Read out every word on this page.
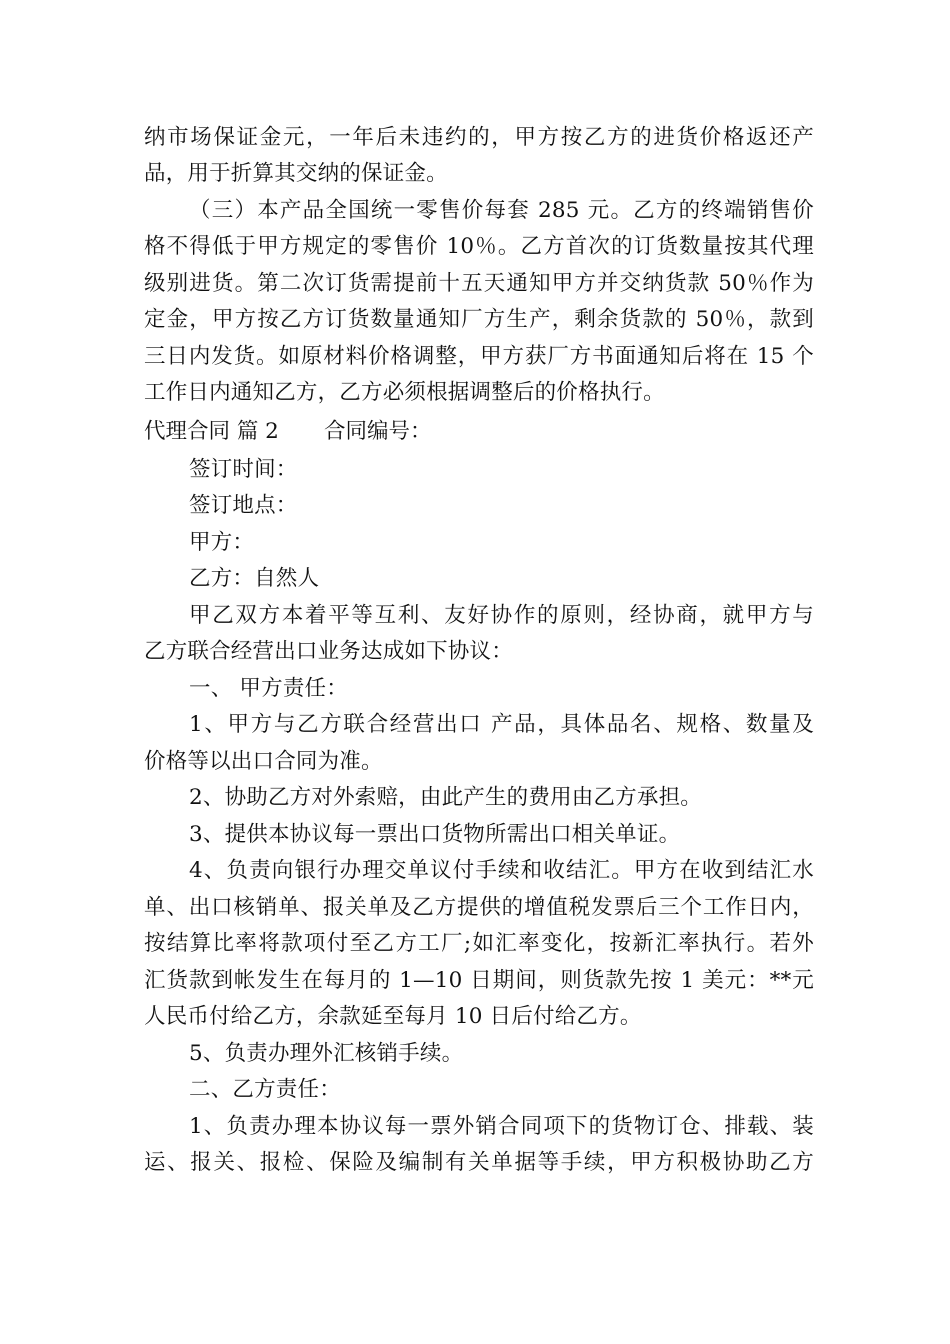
纳市场保证金元，一年后未违约的，甲方按乙方的进货价格返还产
品，用于折算其交纳的保证金。
（三）本产品全国统一零售价每套 285 元。乙方的终端销售价
格不得低于甲方规定的零售价 10％。乙方首次的订货数量按其代理
级别进货。第二次订货需提前十五天通知甲方并交纳货款 50％作为
定金，甲方按乙方订货数量通知厂方生产，剩余货款的 50％，款到
三日内发货。如原材料价格调整，甲方获厂方书面通知后将在 15 个
工作日内通知乙方，乙方必须根据调整后的价格执行。
代理合同 篇 2 合同编号：
签订时间：
签订地点：
甲方：
乙方：自然人
甲乙双方本着平等互利、友好协作的原则，经协商，就甲方与
乙方联合经营出口业务达成如下协议：
一、 甲方责任：
1、甲方与乙方联合经营出口 产品，具体品名、规格、数量及
价格等以出口合同为准。
2、协助乙方对外索赔，由此产生的费用由乙方承担。
3、提供本协议每一票出口货物所需出口相关单证。
4、负责向银行办理交单议付手续和收结汇。甲方在收到结汇水
单、出口核销单、报关单及乙方提供的增值税发票后三个工作日内，
按结算比率将款项付至乙方工厂;如汇率变化，按新汇率执行。若外
汇货款到帐发生在每月的 1—10 日期间，则货款先按 1 美元：**元
人民币付给乙方，余款延至每月 10 日后付给乙方。
5、负责办理外汇核销手续。
二、乙方责任：
1、负责办理本协议每一票外销合同项下的货物订仓、排载、装
运、报关、报检、保险及编制有关单据等手续，甲方积极协助乙方
